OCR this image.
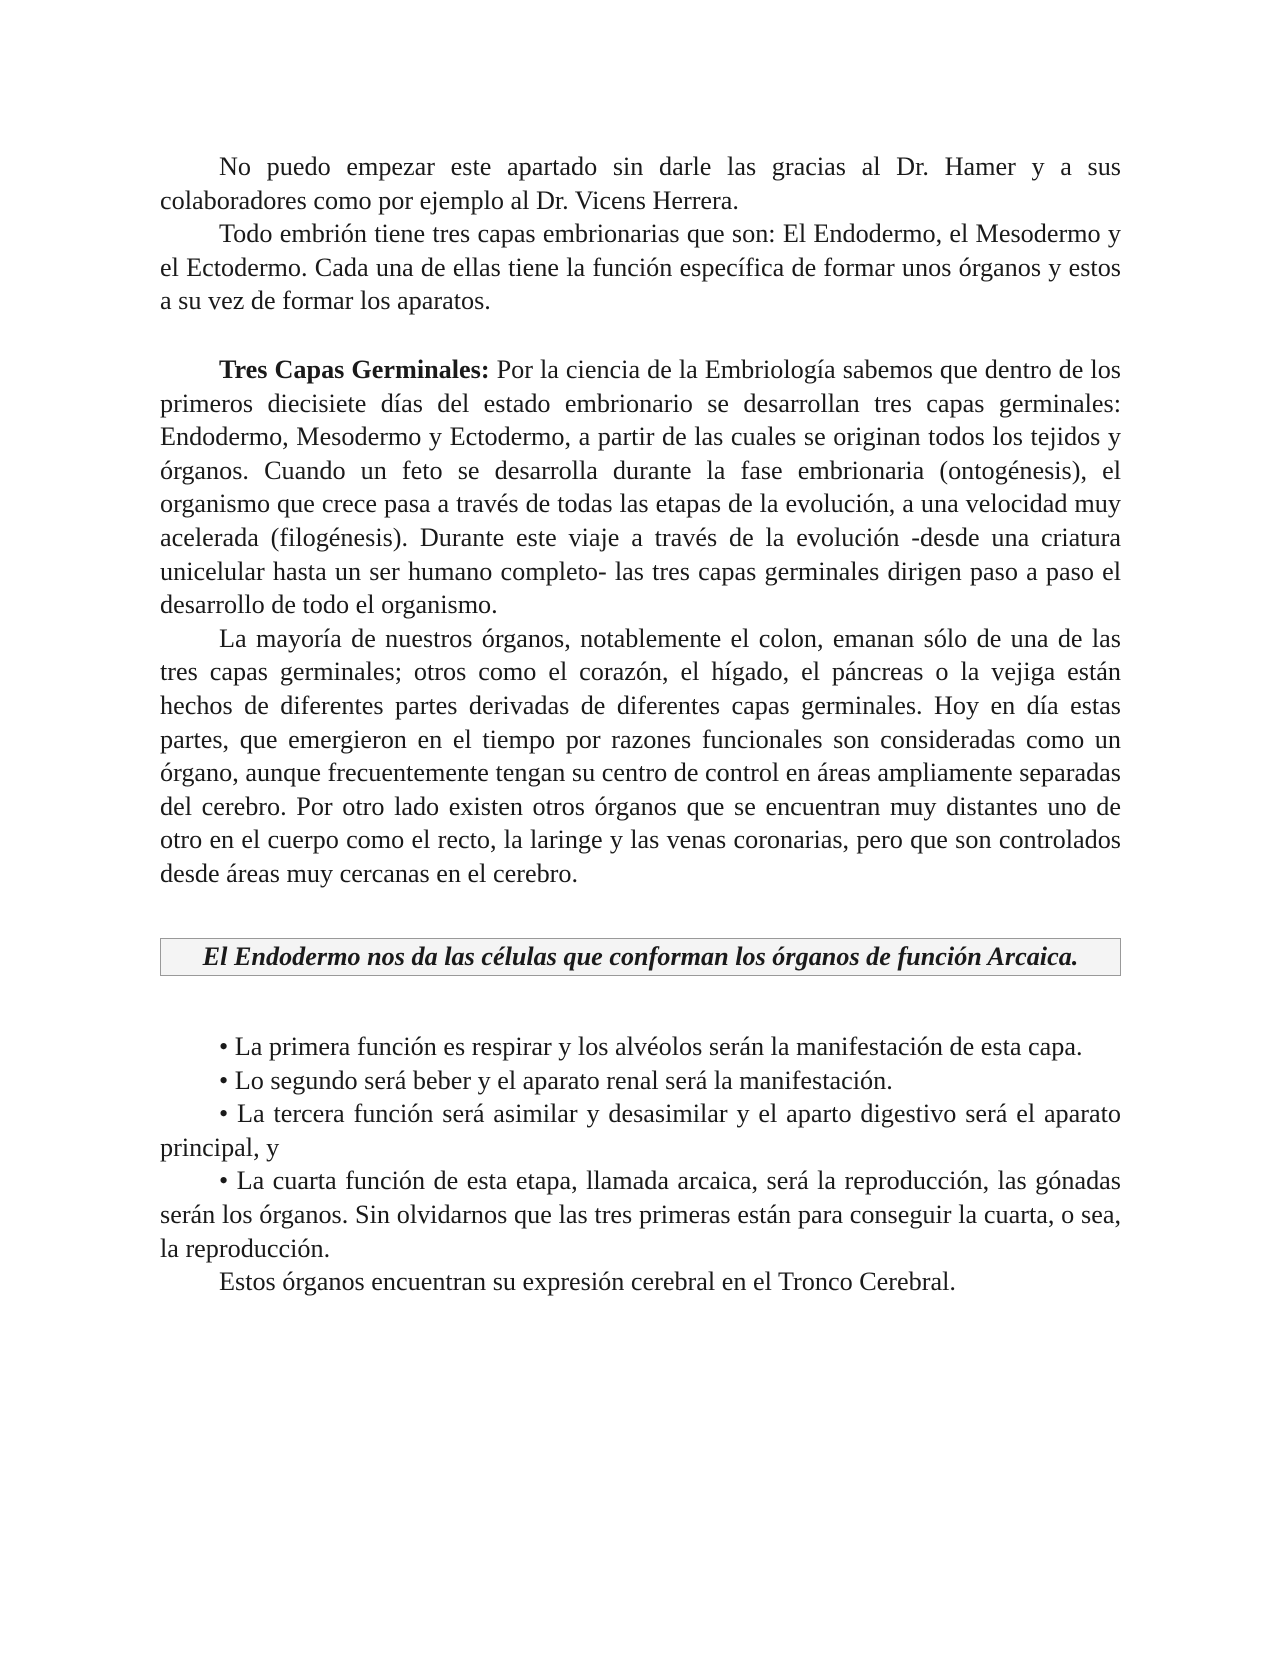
No puedo empezar este apartado sin darle las gracias al Dr. Hamer y a sus colaboradores como por ejemplo al Dr. Vicens Herrera.

Todo embrión tiene tres capas embrionarias que son: El Endodermo, el Mesodermo y el Ectodermo. Cada una de ellas tiene la función específica de formar unos órganos y estos a su vez de formar los aparatos.

Tres Capas Germinales: Por la ciencia de la Embriología sabemos que dentro de los primeros diecisiete días del estado embrionario se desarrollan tres capas germinales: Endodermo, Mesodermo y Ectodermo, a partir de las cuales se originan todos los tejidos y órganos. Cuando un feto se desarrolla durante la fase embrionaria (ontogénesis), el organismo que crece pasa a través de todas las etapas de la evolución, a una velocidad muy acelerada (filogénesis). Durante este viaje a través de la evolución -desde una criatura unicelular hasta un ser humano completo- las tres capas germinales dirigen paso a paso el desarrollo de todo el organismo.

La mayoría de nuestros órganos, notablemente el colon, emanan sólo de una de las tres capas germinales; otros como el corazón, el hígado, el páncreas o la vejiga están hechos de diferentes partes derivadas de diferentes capas germinales. Hoy en día estas partes, que emergieron en el tiempo por razones funcionales son consideradas como un órgano, aunque frecuentemente tengan su centro de control en áreas ampliamente separadas del cerebro. Por otro lado existen otros órganos que se encuentran muy distantes uno de otro en el cuerpo como el recto, la laringe y las venas coronarias, pero que son controlados desde áreas muy cercanas en el cerebro.

El Endodermo nos da las células que conforman los órganos de función Arcaica.

• La primera función es respirar y los alvéolos serán la manifestación de esta capa.

• Lo segundo será beber y el aparato renal será la manifestación.

• La tercera función será asimilar y desasimilar y el aparto digestivo será el aparato principal, y

• La cuarta función de esta etapa, llamada arcaica, será la reproducción, las gónadas serán los órganos. Sin olvidarnos que las tres primeras están para conseguir la cuarta, o sea, la reproducción.

Estos órganos encuentran su expresión cerebral en el Tronco Cerebral.
